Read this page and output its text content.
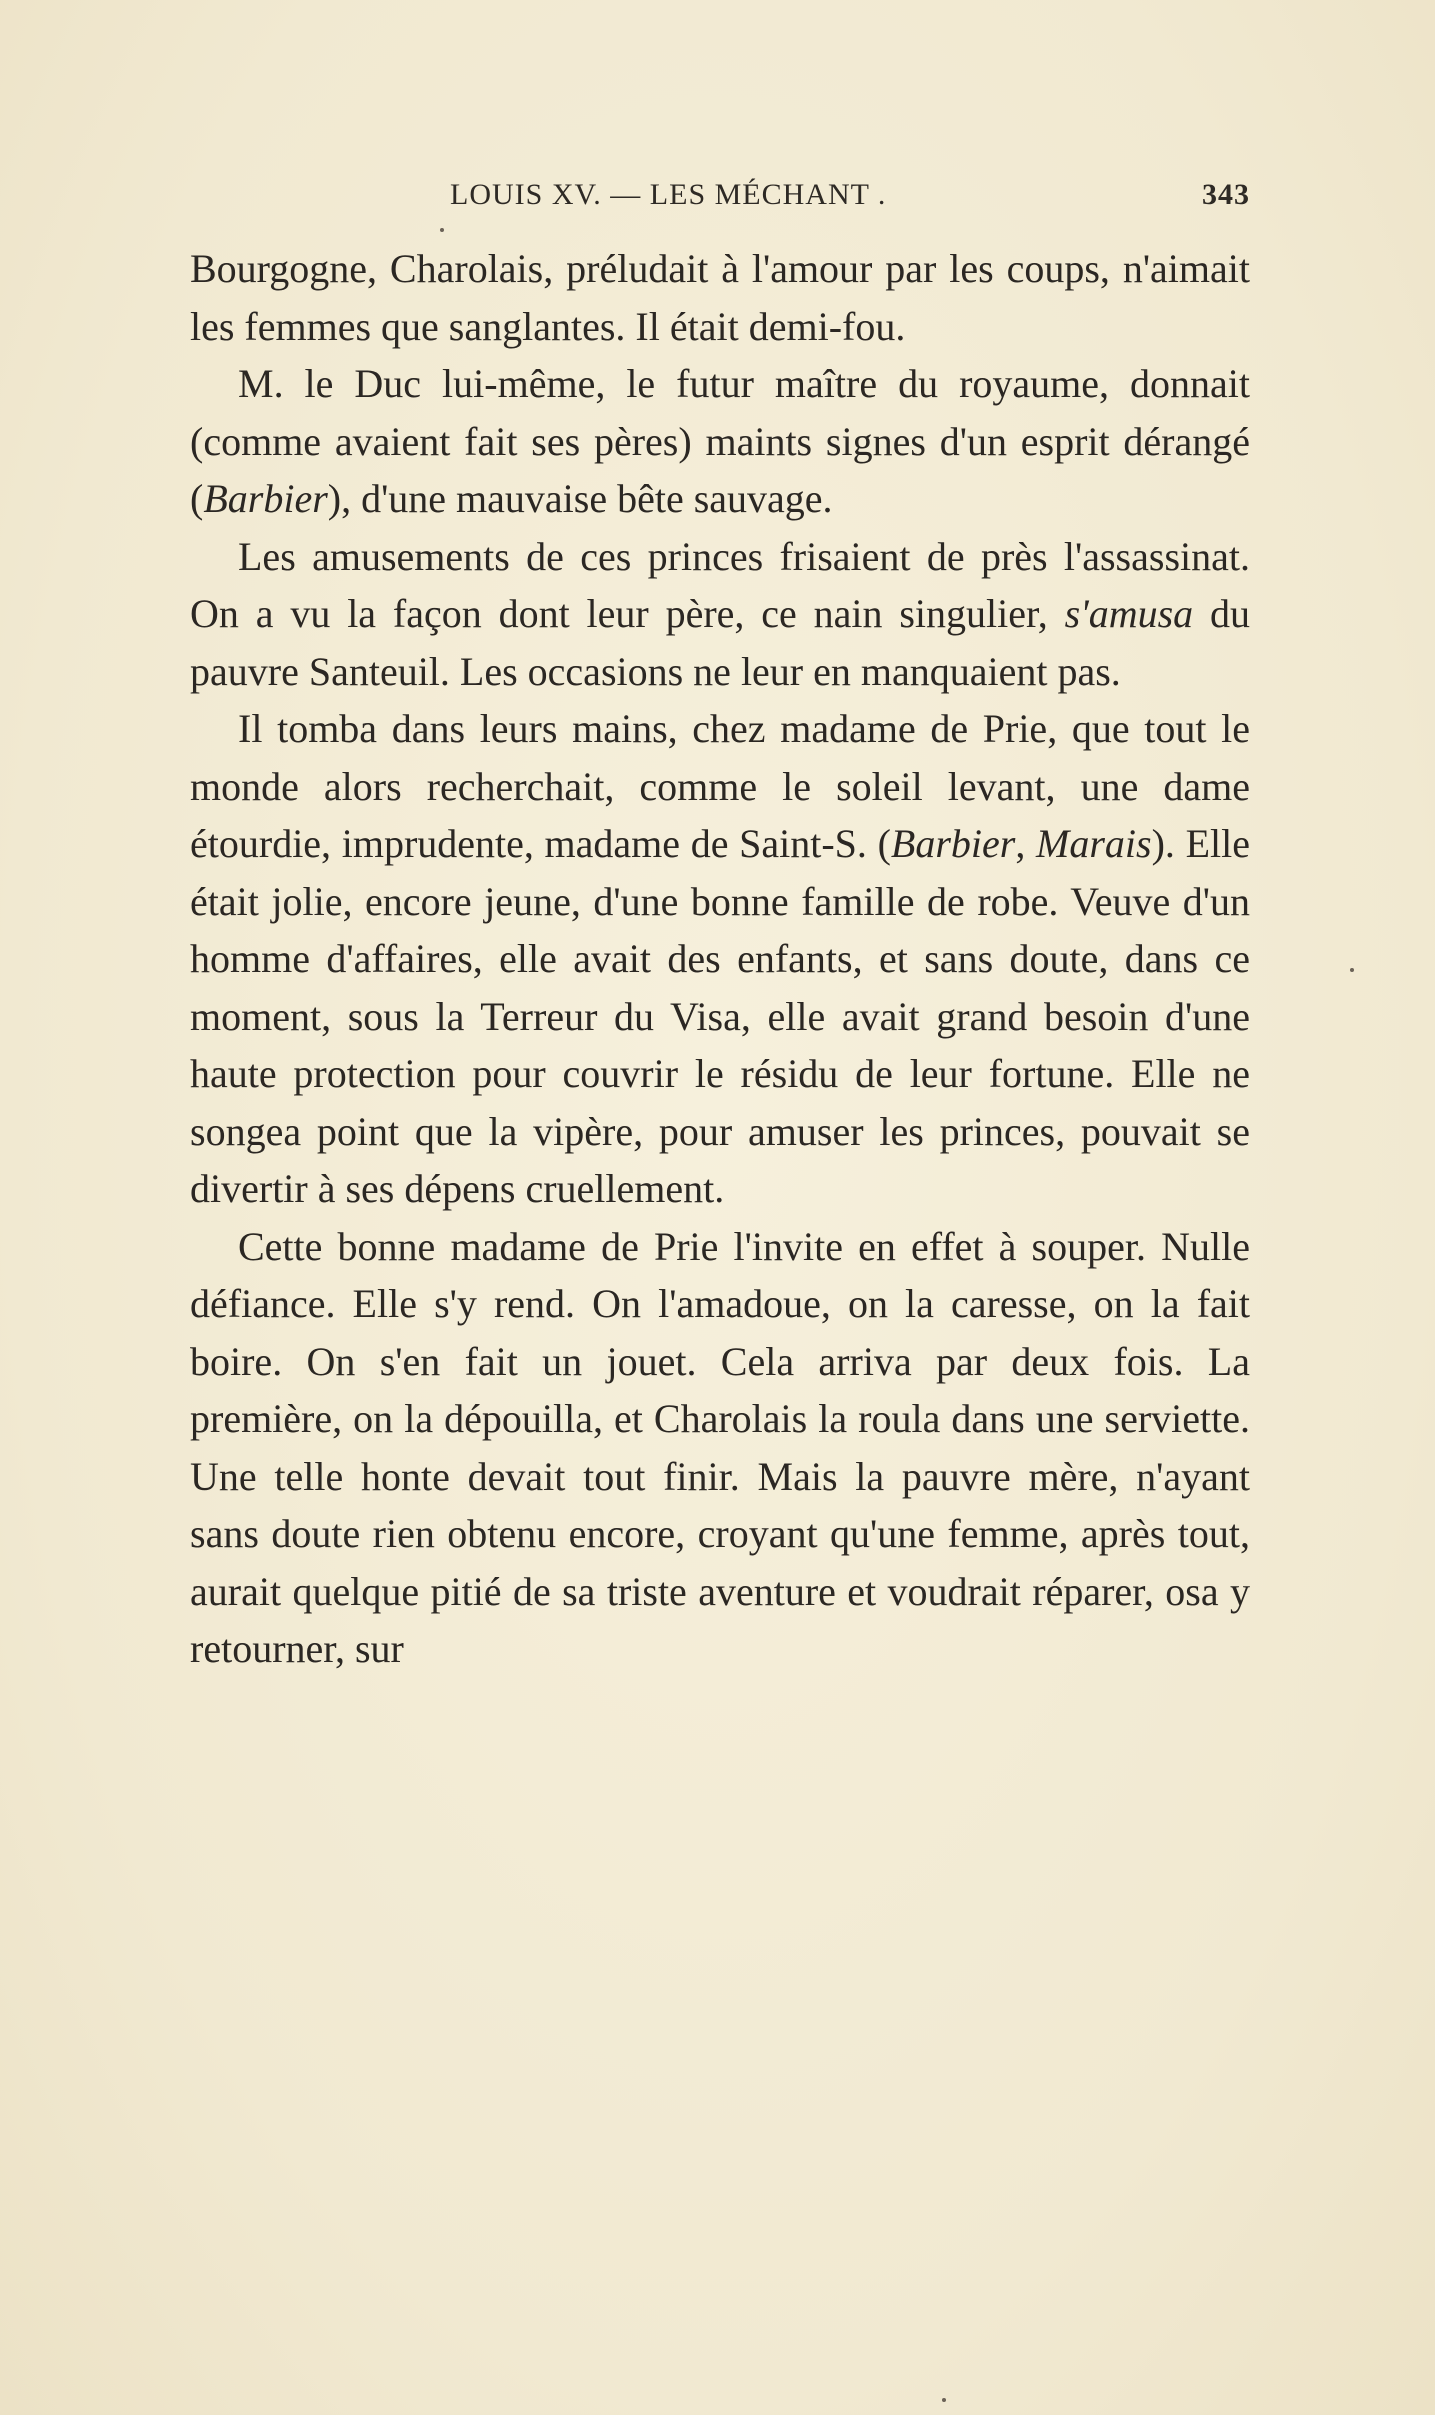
LOUIS XV. — LES MÉCHANT .	343

Bourgogne, Charolais, préludait à l'amour par les coups, n'aimait les femmes que sanglantes. Il était demi-fou.

M. le Duc lui-même, le futur maître du royaume, donnait (comme avaient fait ses pères) maints signes d'un esprit dérangé (Barbier), d'une mauvaise bête sauvage.

Les amusements de ces princes frisaient de près l'assassinat. On a vu la façon dont leur père, ce nain singulier, s'amusa du pauvre Santeuil. Les occasions ne leur en manquaient pas.

Il tomba dans leurs mains, chez madame de Prie, que tout le monde alors recherchait, comme le soleil levant, une dame étourdie, imprudente, madame de Saint-S. (Barbier, Marais). Elle était jolie, encore jeune, d'une bonne famille de robe. Veuve d'un homme d'affaires, elle avait des enfants, et sans doute, dans ce moment, sous la Terreur du Visa, elle avait grand besoin d'une haute protection pour couvrir le résidu de leur fortune. Elle ne songea point que la vipère, pour amuser les princes, pouvait se divertir à ses dépens cruellement.

Cette bonne madame de Prie l'invite en effet à souper. Nulle défiance. Elle s'y rend. On l'amadoue, on la caresse, on la fait boire. On s'en fait un jouet. Cela arriva par deux fois. La première, on la dépouilla, et Charolais la roula dans une serviette. Une telle honte devait tout finir. Mais la pauvre mère, n'ayant sans doute rien obtenu encore, croyant qu'une femme, après tout, aurait quelque pitié de sa triste aventure et voudrait réparer, osa y retourner, sur
